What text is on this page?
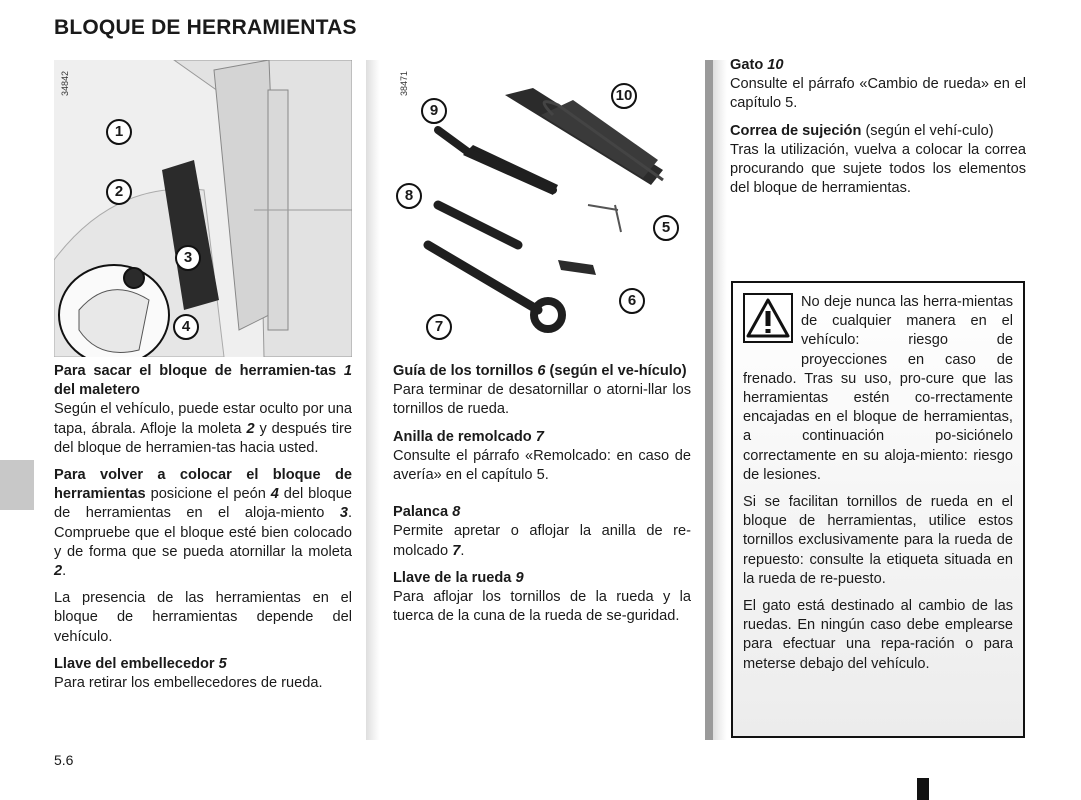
BLOQUE DE HERRAMIENTAS
34842
1
2
3
4
38471
9
10
8
5
6
7

Para sacar el bloque de herramien-tas 1 del maletero
Según el vehículo, puede estar oculto por una tapa, ábrala. Afloje la moleta 2 y después tire del bloque de herramien-tas hacia usted.

Para volver a colocar el bloque de herramientas posicione el peón 4 del bloque de herramientas en el aloja-miento 3. Compruebe que el bloque esté bien colocado y de forma que se pueda atornillar la moleta 2.

La presencia de las herramientas en el bloque de herramientas depende del vehículo.

Llave del embellecedor 5
Para retirar los embellecedores de rueda.

Guía de los tornillos 6 (según el ve-hículo)
Para terminar de desatornillar o atorni-llar los tornillos de rueda.

Anilla de remolcado 7
Consulte el párrafo «Remolcado: en caso de avería» en el capítulo 5.

Palanca 8
Permite apretar o aflojar la anilla de re-molcado 7.

Llave de la rueda 9
Para aflojar los tornillos de la rueda y la tuerca de la cuna de la rueda de se-guridad.

Gato 10
Consulte el párrafo «Cambio de rueda» en el capítulo 5.

Correa de sujeción (según el vehí-culo)
Tras la utilización, vuelva a colocar la correa procurando que sujete todos los elementos del bloque de herramientas.

No deje nunca las herra-mientas de cualquier manera en el vehículo: riesgo de proyecciones en caso de frenado. Tras su uso, pro-cure que las herramientas estén co-rrectamente encajadas en el bloque de herramientas, a continuación po-siciónelo correctamente en su aloja-miento: riesgo de lesiones.

Si se facilitan tornillos de rueda en el bloque de herramientas, utilice estos tornillos exclusivamente para la rueda de repuesto: consulte la etiqueta situada en la rueda de re-puesto.

El gato está destinado al cambio de las ruedas. En ningún caso debe emplearse para efectuar una repa-ración o para meterse debajo del vehículo.

5.6
